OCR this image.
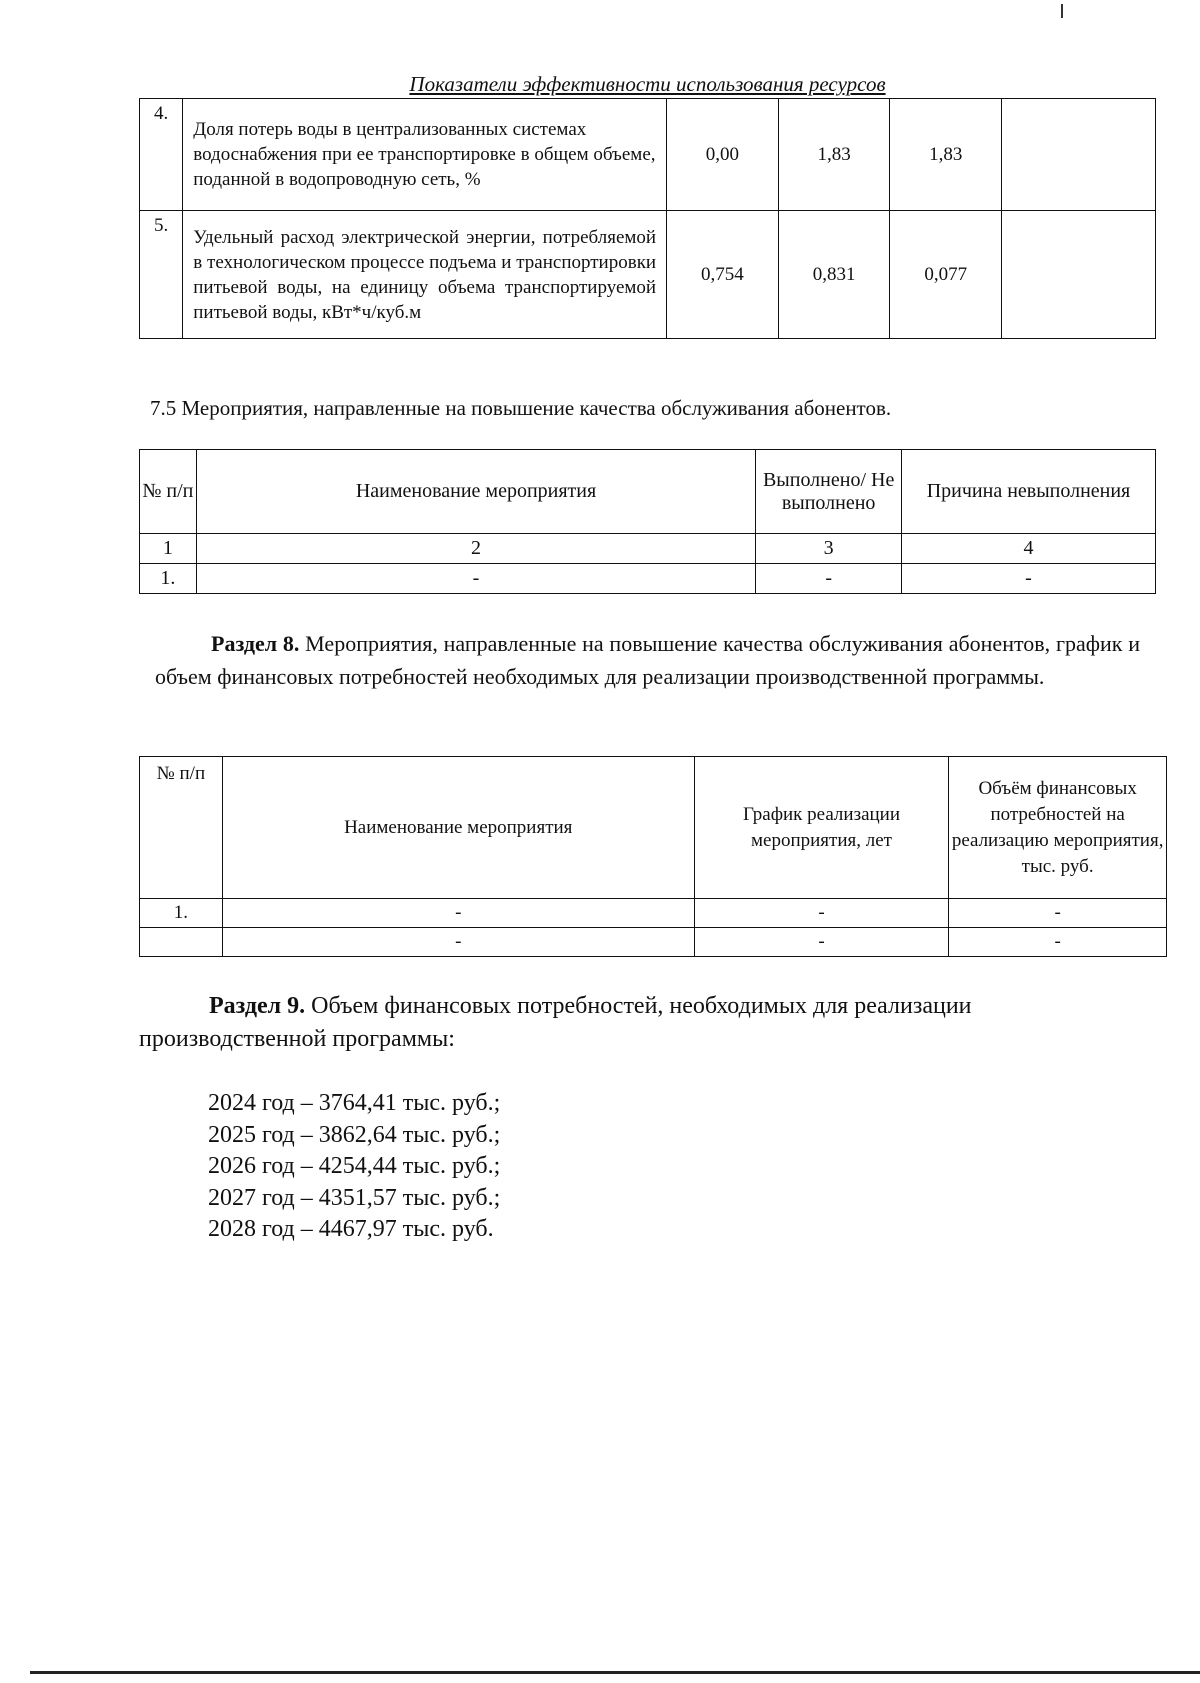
Показатели эффективности использования ресурсов
4.	Доля потерь воды в централизованных системах водоснабжения при ее транспортировке в общем объеме, поданной в водопроводную сеть, %	0,00	1,83	1,83	
5.	Удельный расход электрической энергии, потребляемой в технологическом процессе подъема и транспортировки питьевой воды, на единицу объема транспортируемой питьевой воды, кВт*ч/куб.м	0,754	0,831	0,077	
7.5 Мероприятия, направленные на повышение качества обслуживания абонентов.
№ п/п	Наименование мероприятия	Выполнено/ Не выполнено	Причина невыполнения
1	2	3	4
1.	-	-	-
Раздел 8. Мероприятия, направленные на повышение качества обслуживания абонентов, график и объем финансовых потребностей необходимых для реализации производственной программы.
№ п/п	Наименование мероприятия	График реализации мероприятия, лет	Объём финансовых потребностей на реализацию мероприятия, тыс. руб.
1.	-	-	-
	-	-	-
Раздел 9. Объем финансовых потребностей, необходимых для реализации производственной программы:
2024 год – 3764,41 тыс. руб.;
2025 год – 3862,64 тыс. руб.;
2026 год – 4254,44 тыс. руб.;
2027 год – 4351,57 тыс. руб.;
2028 год – 4467,97 тыс. руб.
